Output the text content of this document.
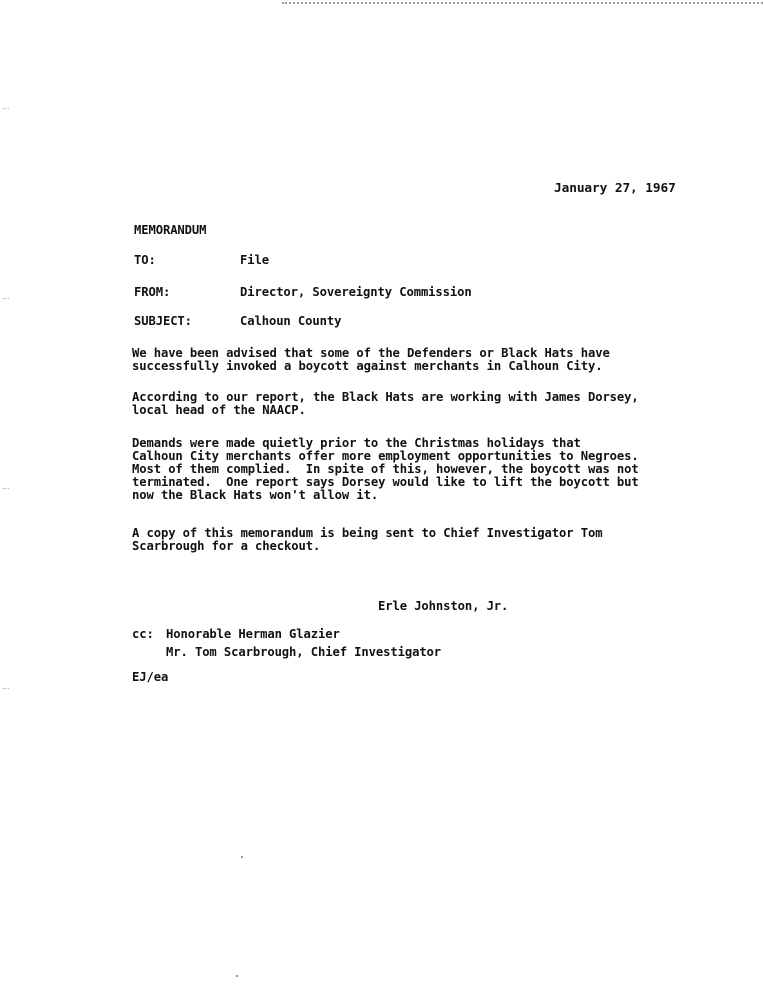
January 27, 1967
MEMORANDUM
TO:	File
FROM:	Director, Sovereignty Commission
SUBJECT:	Calhoun County
We have been advised that some of the Defenders or Black Hats have
successfully invoked a boycott against merchants in Calhoun City.
According to our report, the Black Hats are working with James Dorsey,
local head of the NAACP.
Demands were made quietly prior to the Christmas holidays that
Calhoun City merchants offer more employment opportunities to Negroes.
Most of them complied.  In spite of this, however, the boycott was not
terminated.  One report says Dorsey would like to lift the boycott but
now the Black Hats won't allow it.
A copy of this memorandum is being sent to Chief Investigator Tom
Scarbrough for a checkout.
Erle Johnston, Jr.
cc: Honorable Herman Glazier
Mr. Tom Scarbrough, Chief Investigator
EJ/ea
